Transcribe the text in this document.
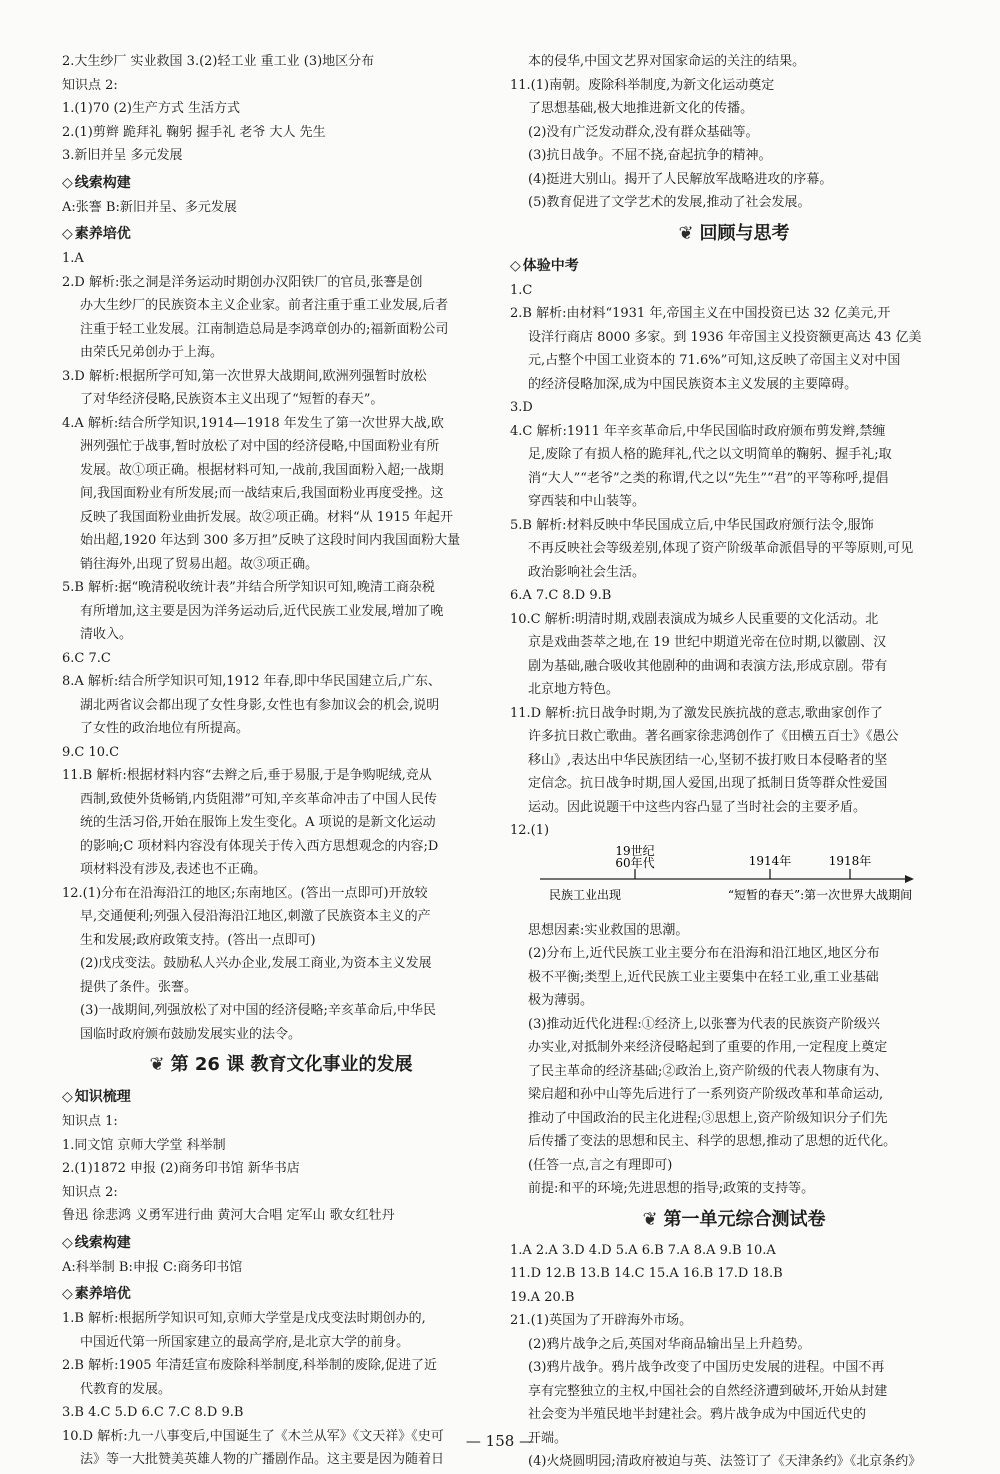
2.大生纱厂 实业救国 3.(2)轻工业 重工业 (3)地区分布

知识点 2:

1.(1)70 (2)生产方式 生活方式

2.(1)剪辫 跪拜礼 鞠躬 握手礼 老爷 大人 先生

3.新旧并呈 多元发展

◇ 线索构建

A:张謇 B:新旧并呈、多元发展

◇ 素养培优

1.A

2.D 解析:张之洞是洋务运动时期创办汉阳铁厂的官员,张謇是创

办大生纱厂的民族资本主义企业家。前者注重于重工业发展,后者

注重于轻工业发展。江南制造总局是李鸿章创办的;福新面粉公司

由荣氏兄弟创办于上海。

3.D 解析:根据所学可知,第一次世界大战期间,欧洲列强暂时放松

了对华经济侵略,民族资本主义出现了“短暂的春天”。

4.A 解析:结合所学知识,1914—1918 年发生了第一次世界大战,欧

洲列强忙于战事,暂时放松了对中国的经济侵略,中国面粉业有所

发展。故①项正确。根据材料可知,一战前,我国面粉入超;一战期

间,我国面粉业有所发展;而一战结束后,我国面粉业再度受挫。这

反映了我国面粉业曲折发展。故②项正确。材料“从 1915 年起开

始出超,1920 年达到 300 多万担”反映了这段时间内我国面粉大量

销往海外,出现了贸易出超。故③项正确。

5.B 解析:据“晚清税收统计表”并结合所学知识可知,晚清工商杂税

有所增加,这主要是因为洋务运动后,近代民族工业发展,增加了晚

清收入。

6.C 7.C

8.A 解析:结合所学知识可知,1912 年春,即中华民国建立后,广东、

湖北两省议会都出现了女性身影,女性也有参加议会的机会,说明

了女性的政治地位有所提高。

9.C 10.C

11.B 解析:根据材料内容“去辫之后,垂于易服,于是争购呢绒,竞从

西制,致使外货畅销,内货阻滞”可知,辛亥革命冲击了中国人民传

统的生活习俗,开始在服饰上发生变化。A 项说的是新文化运动

的影响;C 项材料内容没有体现关于传入西方思想观念的内容;D

项材料没有涉及,表述也不正确。

12.(1)分布在沿海沿江的地区;东南地区。(答出一点即可)开放较

早,交通便利;列强入侵沿海沿江地区,刺激了民族资本主义的产

生和发展;政府政策支持。(答出一点即可)

(2)戊戌变法。鼓励私人兴办企业,发展工商业,为资本主义发展

提供了条件。张謇。

(3)一战期间,列强放松了对中国的经济侵略;辛亥革命后,中华民

国临时政府颁布鼓励发展实业的法令。

❦ 第 26 课 教育文化事业的发展
◇ 知识梳理

知识点 1:

1.同文馆 京师大学堂 科举制

2.(1)1872 申报 (2)商务印书馆 新华书店

知识点 2:

鲁迅 徐悲鸿 义勇军进行曲 黄河大合唱 定军山 歌女红牡丹

◇ 线索构建

A:科举制 B:申报 C:商务印书馆

◇ 素养培优

1.B 解析:根据所学知识可知,京师大学堂是戊戌变法时期创办的,

中国近代第一所国家建立的最高学府,是北京大学的前身。

2.B 解析:1905 年清廷宣布废除科举制度,科举制的废除,促进了近

代教育的发展。

3.B 4.C 5.D 6.C 7.C 8.D 9.B

10.D 解析:九一八事变后,中国诞生了《木兰从军》《文天祥》《史可

法》等一大批赞美英雄人物的广播剧作品。这主要是因为随着日

本的侵华,中国文艺界对国家命运的关注的结果。

11.(1)南朝。废除科举制度,为新文化运动奠定

了思想基础,极大地推进新文化的传播。

(2)没有广泛发动群众,没有群众基础等。

(3)抗日战争。不屈不挠,奋起抗争的精神。

(4)挺进大别山。揭开了人民解放军战略进攻的序幕。

(5)教育促进了文学艺术的发展,推动了社会发展。

❦ 回顾与思考
◇ 体验中考

1.C

2.B 解析:由材料“1931 年,帝国主义在中国投资已达 32 亿美元,开

设洋行商店 8000 多家。到 1936 年帝国主义投资额更高达 43 亿美

元,占整个中国工业资本的 71.6%”可知,这反映了帝国主义对中国

的经济侵略加深,成为中国民族资本主义发展的主要障碍。

3.D

4.C 解析:1911 年辛亥革命后,中华民国临时政府颁布剪发辫,禁缠

足,废除了有损人格的跪拜礼,代之以文明简单的鞠躬、握手礼;取

消“大人”“老爷”之类的称谓,代之以“先生”“君”的平等称呼,提倡

穿西装和中山装等。

5.B 解析:材料反映中华民国成立后,中华民国政府颁行法令,服饰

不再反映社会等级差别,体现了资产阶级革命派倡导的平等原则,可见

政治影响社会生活。

6.A 7.C 8.D 9.B

10.C 解析:明清时期,戏剧表演成为城乡人民重要的文化活动。北

京是戏曲荟萃之地,在 19 世纪中期道光帝在位时期,以徽剧、汉

剧为基础,融合吸收其他剧种的曲调和表演方法,形成京剧。带有

北京地方特色。

11.D 解析:抗日战争时期,为了激发民族抗战的意志,歌曲家创作了

许多抗日救亡歌曲。著名画家徐悲鸿创作了《田横五百士》《愚公

移山》,表达出中华民族团结一心,坚韧不拔打败日本侵略者的坚

定信念。抗日战争时期,国人爱国,出现了抵制日货等群众性爱国

运动。因此说题干中这些内容凸显了当时社会的主要矛盾。

12.(1)

19世纪
60年代	1914年	1918年
民族工业出现	“短暂的春天”:第一次世界大战期间

思想因素:实业救国的思潮。

(2)分布上,近代民族工业主要分布在沿海和沿江地区,地区分布

极不平衡;类型上,近代民族工业主要集中在轻工业,重工业基础

极为薄弱。

(3)推动近代化进程:①经济上,以张謇为代表的民族资产阶级兴

办实业,对抵制外来经济侵略起到了重要的作用,一定程度上奠定

了民主革命的经济基础;②政治上,资产阶级的代表人物康有为、

梁启超和孙中山等先后进行了一系列资产阶级改革和革命运动,

推动了中国政治的民主化进程;③思想上,资产阶级知识分子们先

后传播了变法的思想和民主、科学的思想,推动了思想的近代化。

(任答一点,言之有理即可)

前提:和平的环境;先进思想的指导;政策的支持等。

❦ 第一单元综合测试卷

1.A 2.A 3.D 4.D 5.A 6.B 7.A 8.A 9.B 10.A

11.D 12.B 13.B 14.C 15.A 16.B 17.D 18.B

19.A 20.B

21.(1)英国为了开辟海外市场。

(2)鸦片战争之后,英国对华商品输出呈上升趋势。

(3)鸦片战争。鸦片战争改变了中国历史发展的进程。中国不再

享有完整独立的主权,中国社会的自然经济遭到破坏,开始从封建

社会变为半殖民地半封建社会。鸦片战争成为中国近代史的

开端。

(4)火烧圆明园;清政府被迫与英、法签订了《天津条约》《北京条约》

— 158 —
